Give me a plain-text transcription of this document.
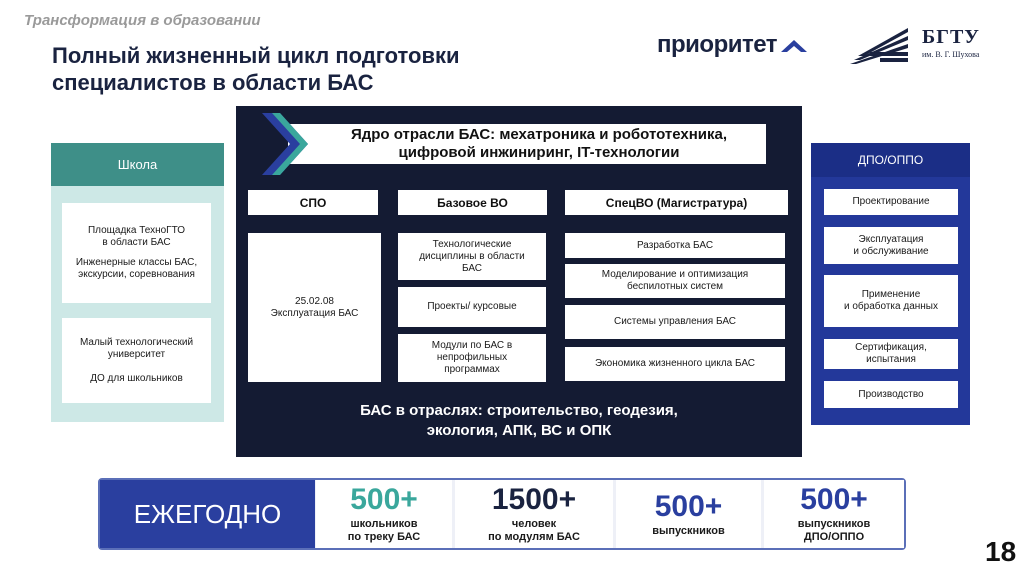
Трансформация в образовании
Полный жизненный цикл подготовки
специалистов в области БАС
приоритет	БГТУ
им. В. Г. Шухова
Школа
Площадка ТехноГТО
в области БАС
Инженерные классы БАС,
экскурсии, соревнования
Малый технологический
университет
ДО для школьников
Ядро отрасли БАС: мехатроника и робототехника,
цифровой инжиниринг, IT-технологии
СПО	Базовое ВО	СпецВО (Магистратура)
25.02.08
Эксплуатация БАС
Технологические
дисциплины в области
БАС
Проекты/ курсовые
Модули по БАС в
непрофильных
программах
Разработка БАС
Моделирование и оптимизация
беспилотных систем
Системы управления БАС
Экономика жизненного цикла БАС
БАС в отраслях: строительство, геодезия,
экология, АПК, ВС и ОПК
ДПО/ОППО
Проектирование
Эксплуатация
и обслуживание
Применение
и обработка данных
Сертификация,
испытания
Производство
ЕЖЕГОДНО	500+
школьников
по треку БАС
1500+
человек
по модулям БАС
500+
выпускников
500+
выпускников
ДПО/ОППО	18
